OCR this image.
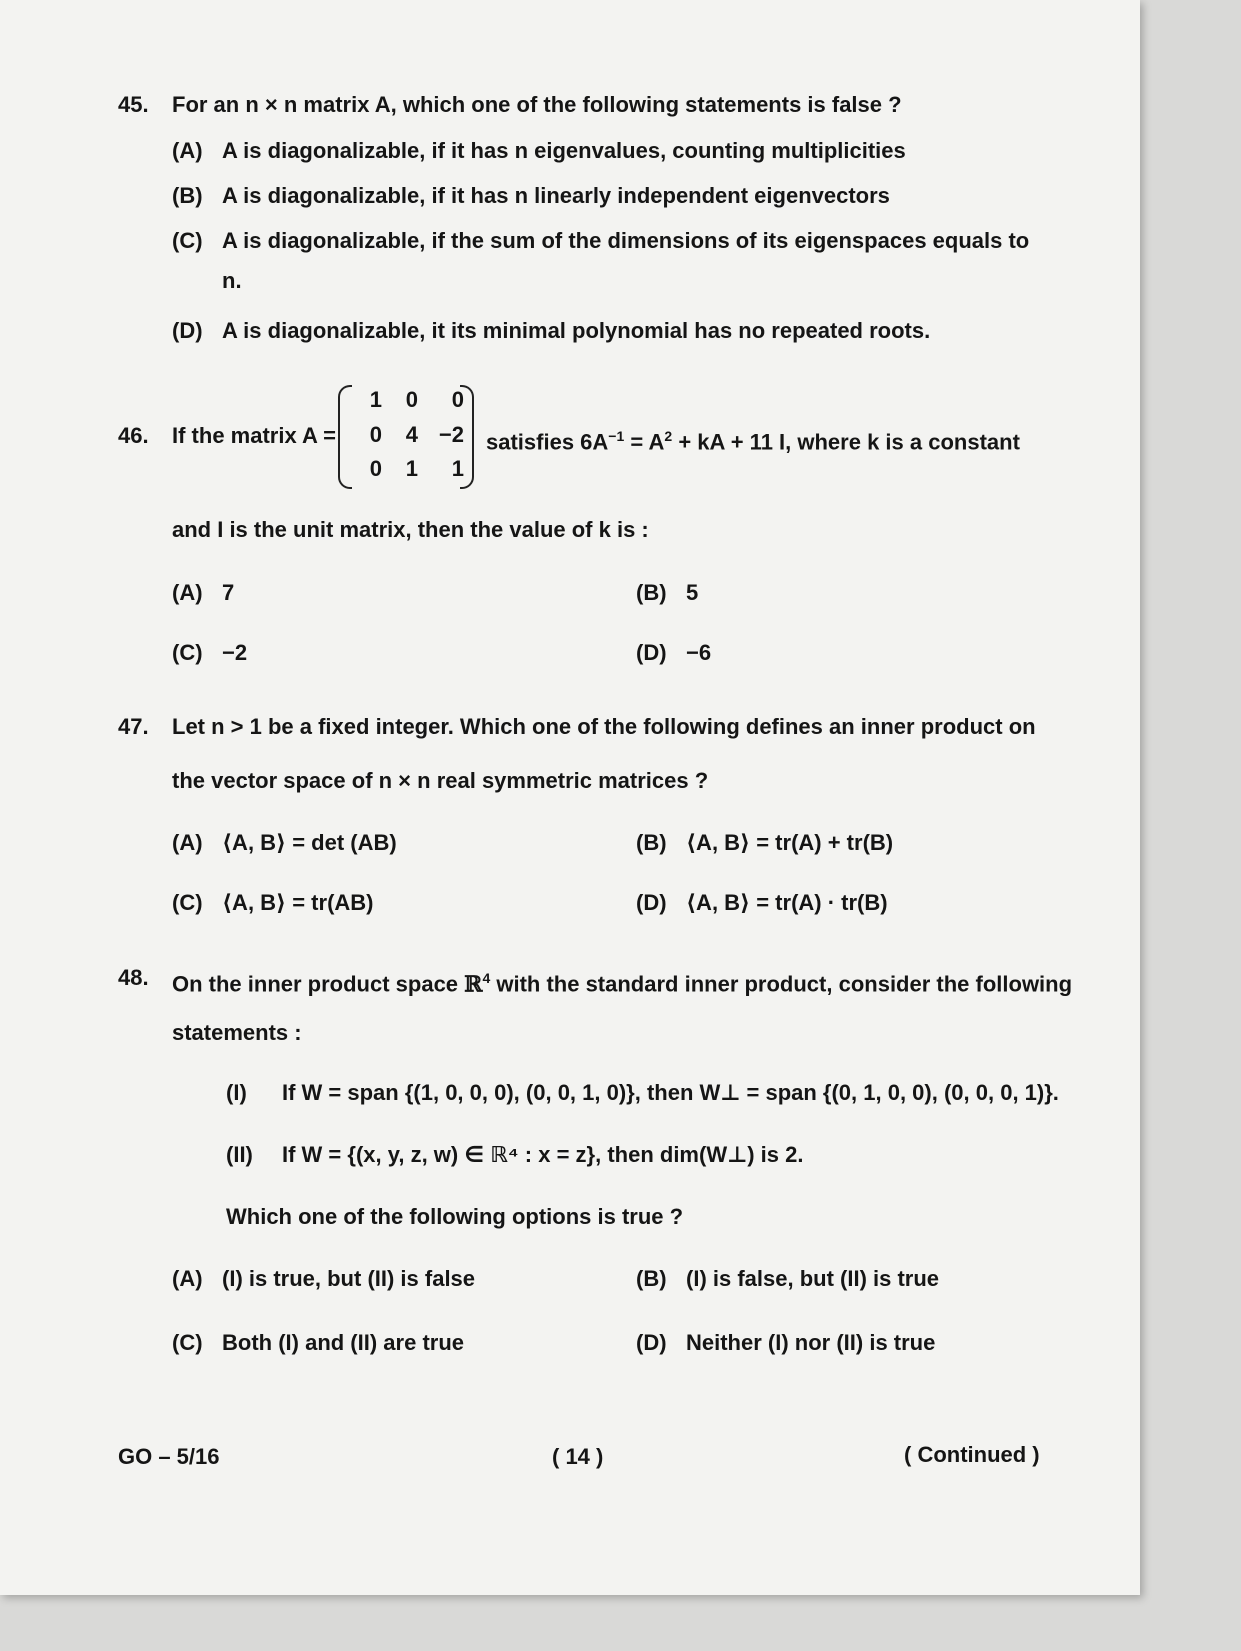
45. For an n × n matrix A, which one of the following statements is false ?
(A) A is diagonalizable, if it has n eigenvalues, counting multiplicities
(B) A is diagonalizable, if it has n linearly independent eigenvectors
(C) A is diagonalizable, if the sum of the dimensions of its eigenspaces equals to
n.
(D) A is diagonalizable, it its minimal polynomial has no repeated roots.
46. If the matrix A =
1	0	0
0	4 −2
0	1	1
satisfies $6A^{-1} = A^2$ + kA + 11 I, where k is a constant
and I is the unit matrix, then the value of k is :
(A) 7	(B) 5
(C) −2	(D) −6
47. Let n > 1 be a fixed integer. Which one of the following defines an inner product on
the vector space of n × n real symmetric matrices ?
(A) ⟨A, B⟩ = det (AB)	(B) ⟨A, B⟩ = tr(A) + tr(B)
(C) ⟨A, B⟩ = tr(AB)	(D) ⟨A, B⟩ = tr(A) · tr(B)
48. On the inner product space ℝ$^4$ with the standard inner product, consider the following
statements :
(I) If W = span {(1, 0, 0, 0), (0, 0, 1, 0)}, then W⊥ = span {(0, 1, 0, 0), (0, 0, 0, 1)}.
(II) If W = {(x, y, z, w) ∈ ℝ⁴ : x = z}, then dim(W⊥) is 2.
Which one of the following options is true ?
(A) (I) is true, but (II) is false	(B) (I) is false, but (II) is true
(C) Both (I) and (II) are true	(D) Neither (I) nor (II) is true
GO – 5/16	( 14 )	( Continued )
